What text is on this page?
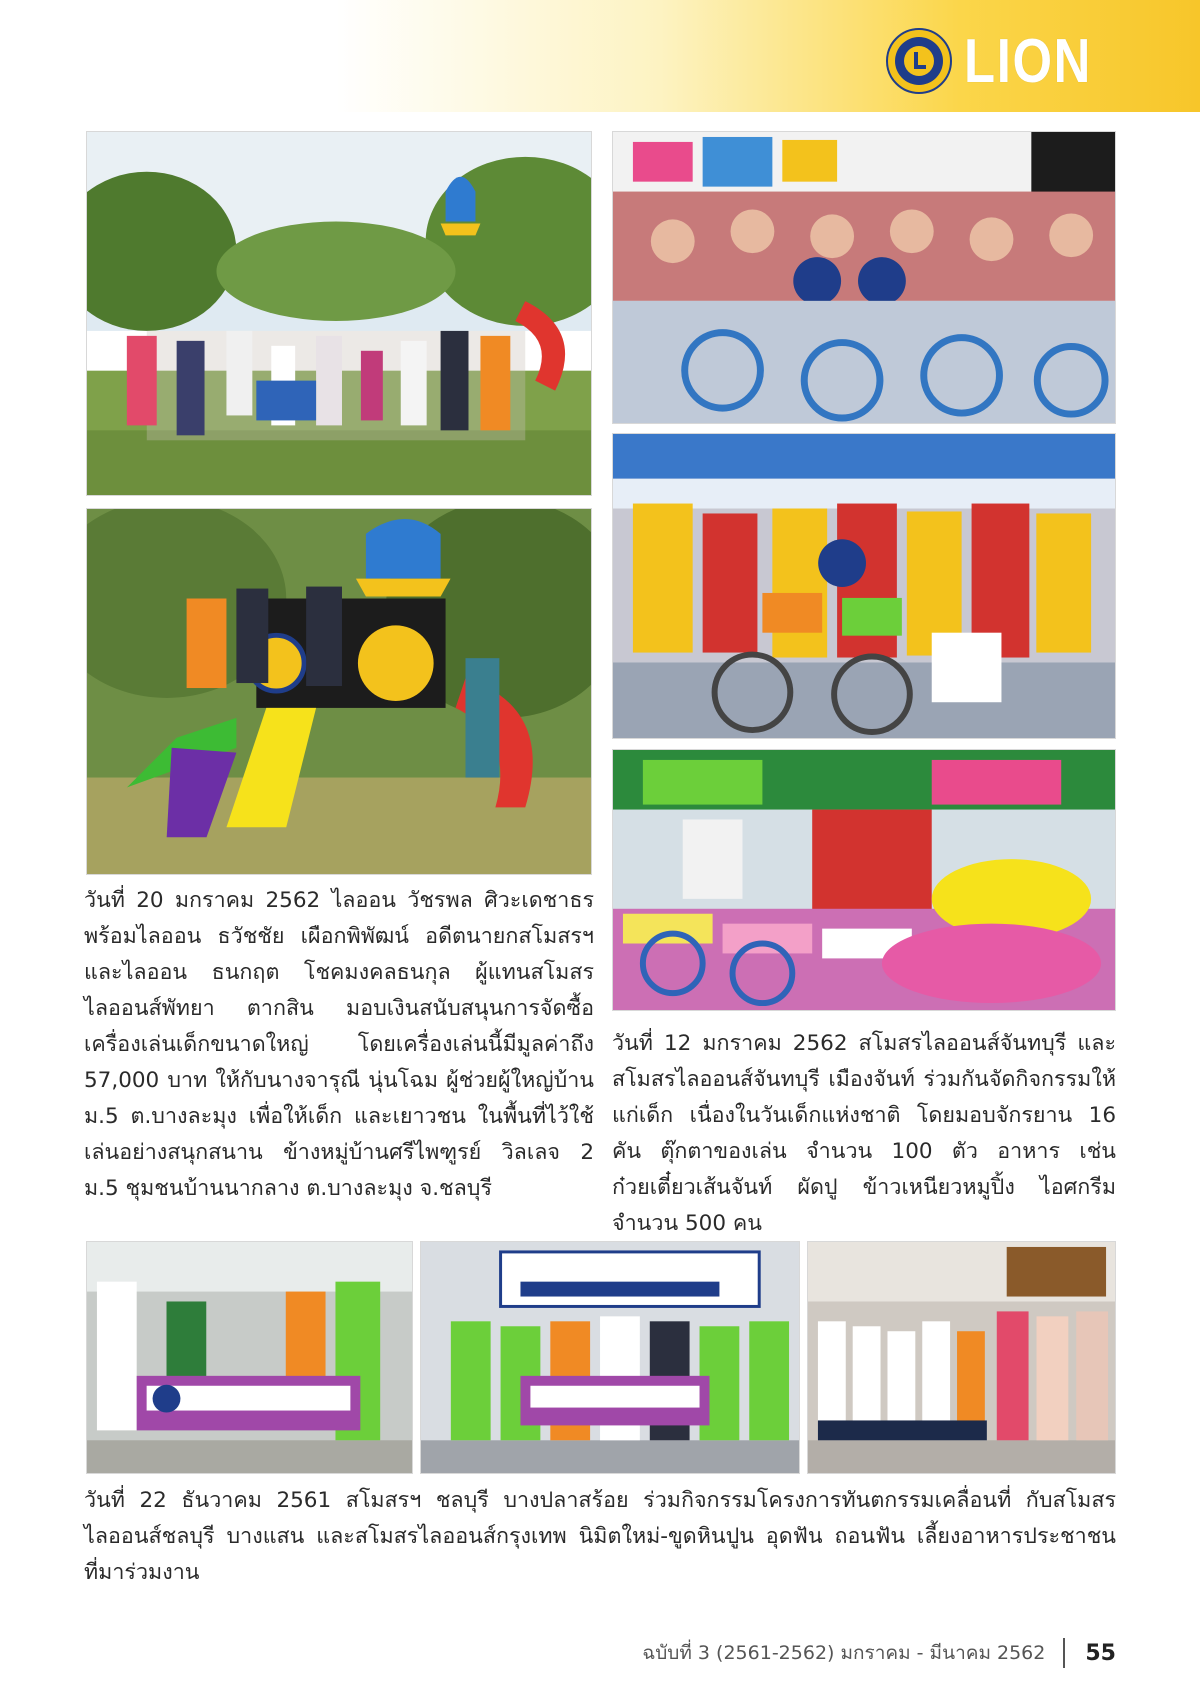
LION

วันที่ 20 มกราคม 2562 ไลออน วัชรพล ศิวะเดชาธร พร้อมไลออน ธวัชชัย เผือกพิพัฒน์ อดีตนายกสโมสรฯ และไลออน ธนกฤต โชคมงคลธนกุล ผู้แทนสโมสรไลออนส์พัทยา ตากสิน มอบเงินสนับสนุนการจัดซื้อเครื่องเล่นเด็กขนาดใหญ่ โดยเครื่องเล่นนี้มีมูลค่าถึง 57,000 บาท ให้กับนางจารุณี นุ่นโฉม ผู้ช่วยผู้ใหญ่บ้าน ม.5 ต.บางละมุง เพื่อให้เด็ก และเยาวชน ในพื้นที่ไว้ใช้เล่นอย่างสนุกสนาน ข้างหมู่บ้านศรีไพฑูรย์ วิลเลจ 2 ม.5 ชุมชนบ้านนากลาง ต.บางละมุง จ.ชลบุรี

วันที่ 12 มกราคม 2562 สโมสรไลออนส์จันทบุรี และสโมสรไลออนส์จันทบุรี เมืองจันท์ ร่วมกันจัดกิจกรรมให้แก่เด็ก เนื่องในวันเด็กแห่งชาติ โดยมอบจักรยาน 16 คัน ตุ๊กตาของเล่น จำนวน 100 ตัว อาหาร เช่น ก๋วยเตี๋ยวเส้นจันท์ ผัดปู ข้าวเหนียวหมูปิ้ง ไอศกรีม จำนวน 500 คน

วันที่ 22 ธันวาคม 2561 สโมสรฯ ชลบุรี บางปลาสร้อย ร่วมกิจกรรมโครงการทันตกรรมเคลื่อนที่ กับสโมสรไลออนส์ชลบุรี บางแสน และสโมสรไลออนส์กรุงเทพ นิมิตใหม่-ขูดหินปูน อุดฟัน ถอนฟัน เลี้ยงอาหารประชาชนที่มาร่วมงาน

ฉบับที่ 3 (2561-2562) มกราคม - มีนาคม 2562 55
